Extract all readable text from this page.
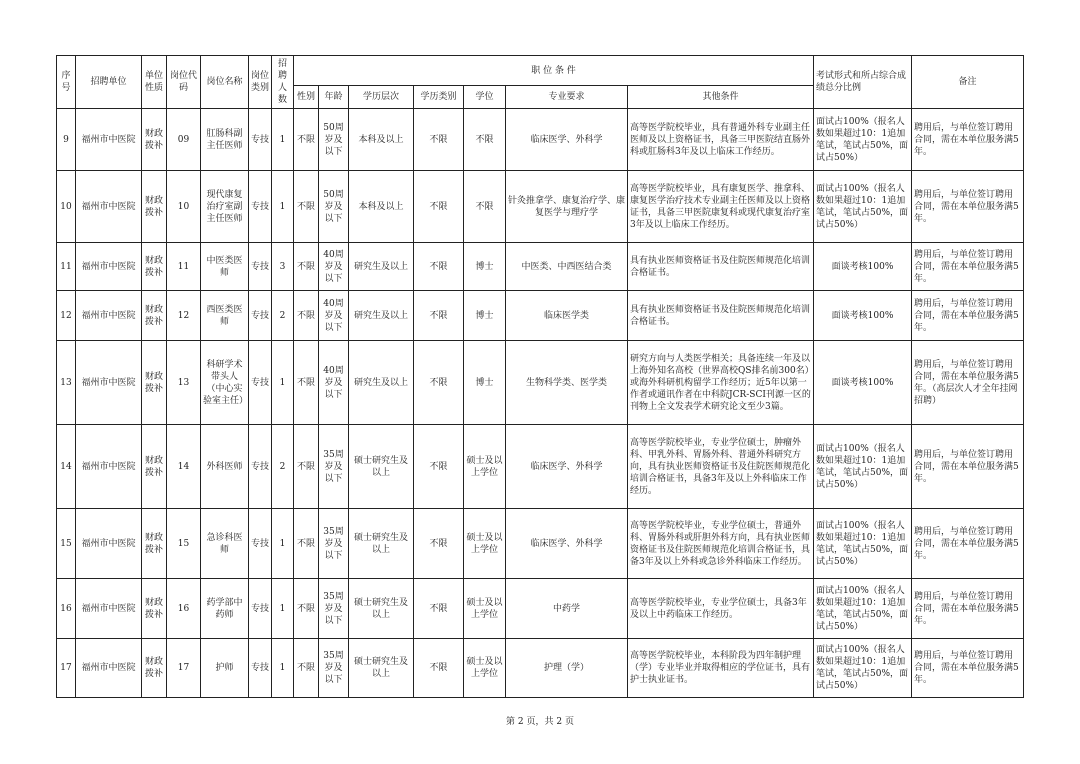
序号	招聘单位	单位性质	岗位代码	岗位名称	岗位类别	招聘人数	职 位 条 件							考试形式和所占综合成绩总分比例	备注
							性别	年龄	学历层次	学历类别	学位	专业要求	其他条件		
9	福州市中医院	财政拨补	09	肛肠科副主任医师	专技	1	不限	50周岁及以下	本科及以上	不限	不限	临床医学、外科学	高等医学院校毕业，具有普通外科专业副主任医师及以上资格证书，具备三甲医院结直肠外科或肛肠科3年及以上临床工作经历。	面试占100%（报名人数如果超过10：1追加笔试，笔试占50%，面试占50%）	聘用后，与单位签订聘用合同，需在本单位服务满5年。
10	福州市中医院	财政拨补	10	现代康复治疗室副主任医师	专技	1	不限	50周岁及以下	本科及以上	不限	不限	针灸推拿学、康复治疗学、康复医学与理疗学	高等医学院校毕业，具有康复医学、推拿科、康复医学治疗技术专业副主任医师及以上资格证书，具备三甲医院康复科或现代康复治疗室3年及以上临床工作经历。	面试占100%（报名人数如果超过10：1追加笔试，笔试占50%，面试占50%）	聘用后，与单位签订聘用合同，需在本单位服务满5年。
11	福州市中医院	财政拨补	11	中医类医师	专技	3	不限	40周岁及以下	研究生及以上	不限	博士	中医类、中西医结合类	具有执业医师资格证书及住院医师规范化培训合格证书。	面谈考核100%	聘用后，与单位签订聘用合同，需在本单位服务满5年。
12	福州市中医院	财政拨补	12	西医类医师	专技	2	不限	40周岁及以下	研究生及以上	不限	博士	临床医学类	具有执业医师资格证书及住院医师规范化培训合格证书。	面谈考核100%	聘用后，与单位签订聘用合同，需在本单位服务满5年。
13	福州市中医院	财政拨补	13	科研学术带头人（中心实验室主任）	专技	1	不限	40周岁及以下	研究生及以上	不限	博士	生物科学类、医学类	研究方向与人类医学相关；具备连续一年及以上海外知名高校（世界高校QS排名前300名）或海外科研机构留学工作经历；近5年以第一作者或通讯作者在中科院JCR-SCI刊源一区的刊物上全文发表学术研究论文至少3篇。	面谈考核100%	聘用后，与单位签订聘用合同，需在本单位服务满5年。（高层次人才全年挂网招聘）
14	福州市中医院	财政拨补	14	外科医师	专技	2	不限	35周岁及以下	硕士研究生及以上	不限	硕士及以上学位	临床医学、外科学	高等医学院校毕业，专业学位硕士，肿瘤外科、甲乳外科、胃肠外科、普通外科研究方向，具有执业医师资格证书及住院医师规范化培训合格证书，具备3年及以上外科临床工作经历。	面试占100%（报名人数如果超过10：1追加笔试，笔试占50%，面试占50%）	聘用后，与单位签订聘用合同，需在本单位服务满5年。
15	福州市中医院	财政拨补	15	急诊科医师	专技	1	不限	35周岁及以下	硕士研究生及以上	不限	硕士及以上学位	临床医学、外科学	高等医学院校毕业，专业学位硕士，普通外科、胃肠外科或肝胆外科方向，具有执业医师资格证书及住院医师规范化培训合格证书，具备3年及以上外科或急诊外科临床工作经历。	面试占100%（报名人数如果超过10：1追加笔试，笔试占50%，面试占50%）	聘用后，与单位签订聘用合同，需在本单位服务满5年。
16	福州市中医院	财政拨补	16	药学部中药师	专技	1	不限	35周岁及以下	硕士研究生及以上	不限	硕士及以上学位	中药学	高等医学院校毕业，专业学位硕士，具备3年及以上中药临床工作经历。	面试占100%（报名人数如果超过10：1追加笔试，笔试占50%，面试占50%）	聘用后，与单位签订聘用合同，需在本单位服务满5年。
17	福州市中医院	财政拨补	17	护师	专技	1	不限	35周岁及以下	硕士研究生及以上	不限	硕士及以上学位	护理（学）	高等医学院校毕业，本科阶段为四年制护理（学）专业毕业并取得相应的学位证书，具有护士执业证书。	面试占100%（报名人数如果超过10：1追加笔试，笔试占50%，面试占50%）	聘用后，与单位签订聘用合同，需在本单位服务满5年。
第 2 页，共 2 页
